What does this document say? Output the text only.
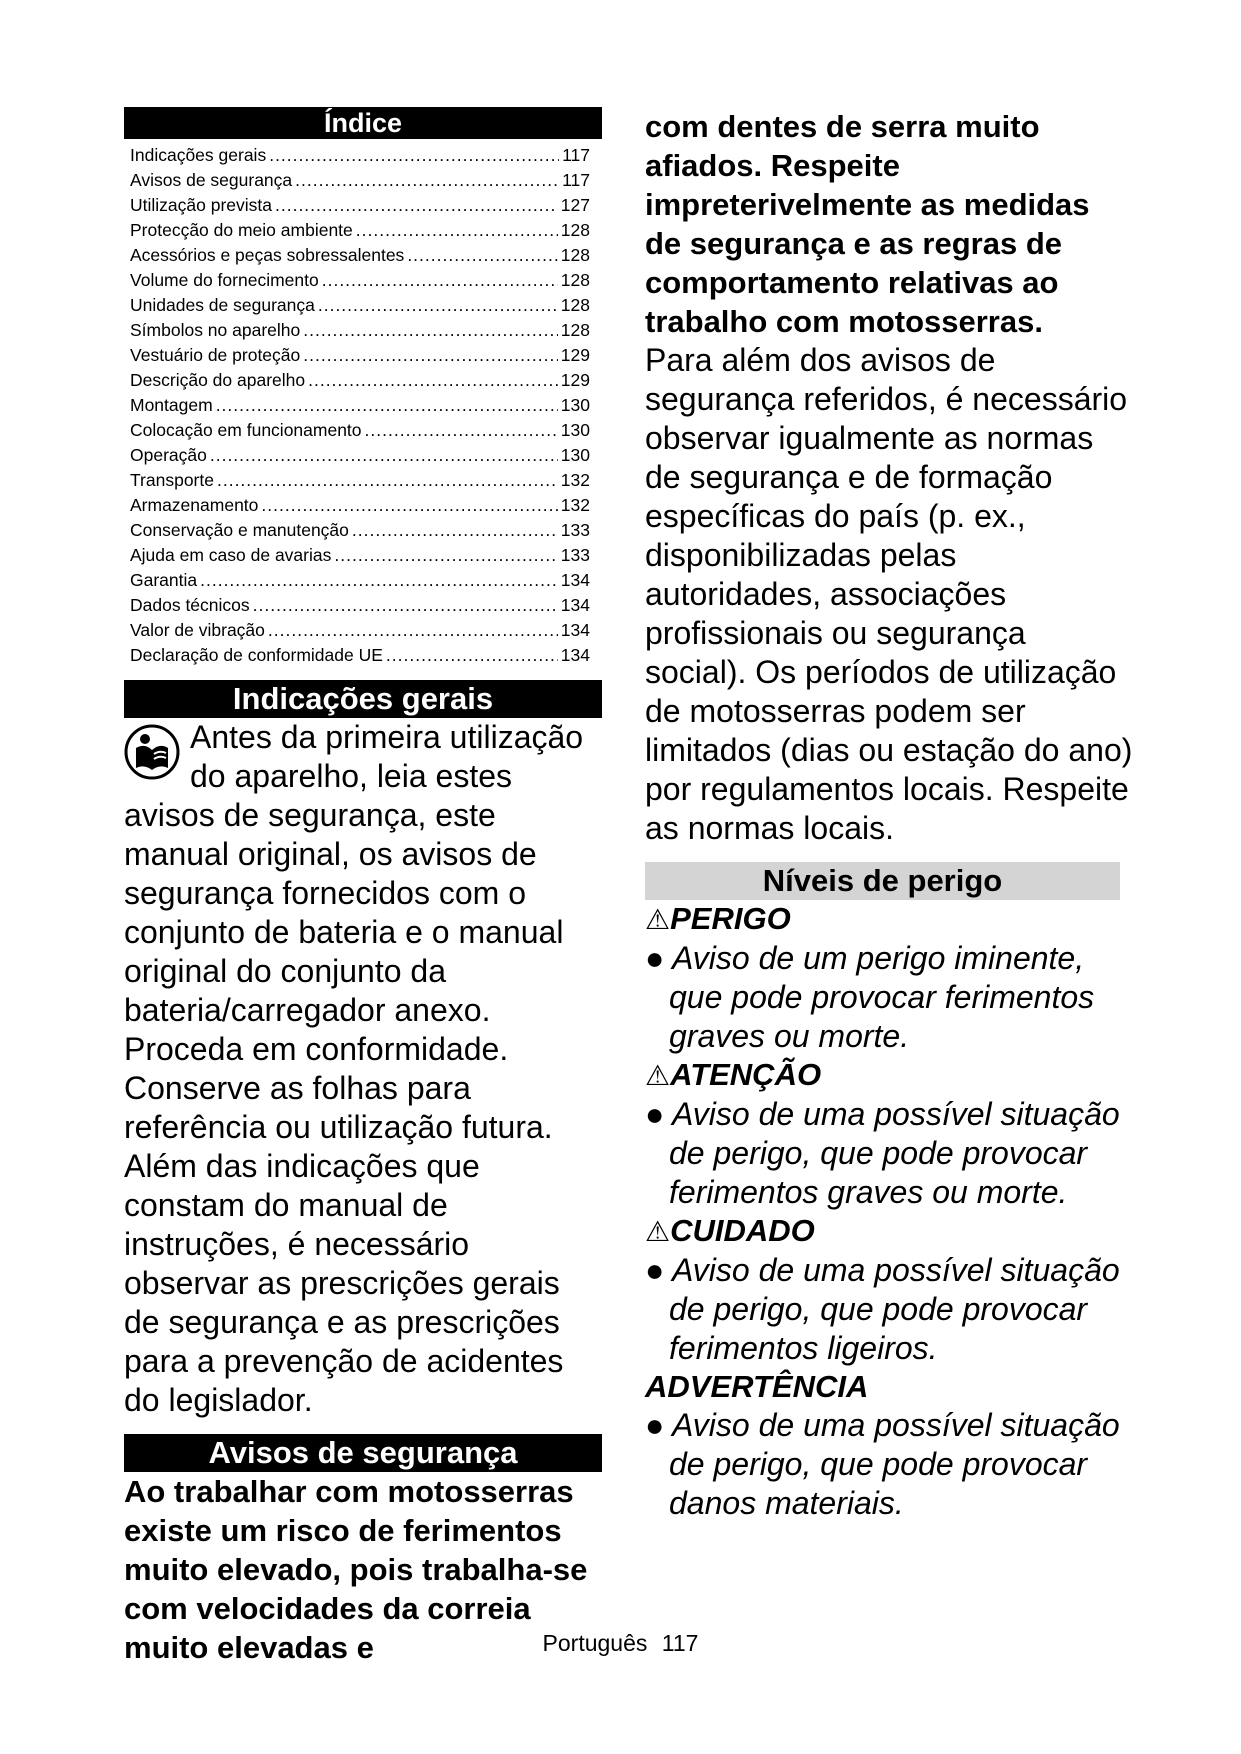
Índice
Indicações gerais .....	117
Avisos de segurança .....	117
Utilização prevista .....	127
Protecção do meio ambiente .....	128
Acessórios e peças sobressalentes .....	128
Volume do fornecimento .....	128
Unidades de segurança .....	128
Símbolos no aparelho .....	128
Vestuário de proteção .....	129
Descrição do aparelho .....	129
Montagem .....	130
Colocação em funcionamento .....	130
Operação .....	130
Transporte .....	132
Armazenamento .....	132
Conservação e manutenção .....	133
Ajuda em caso de avarias .....	133
Garantia .....	134
Dados técnicos .....	134
Valor de vibração .....	134
Declaração de conformidade UE .....	134
Indicações gerais
Antes da primeira utilização do aparelho, leia estes avisos de segurança, este manual original, os avisos de segurança fornecidos com o conjunto de bateria e o manual original do conjunto da bateria/carregador anexo. Proceda em conformidade. Conserve as folhas para referência ou utilização futura.
Além das indicações que constam do manual de instruções, é necessário observar as prescrições gerais de segurança e as prescrições para a prevenção de acidentes do legislador.
Avisos de segurança
Ao trabalhar com motosserras existe um risco de ferimentos muito elevado, pois trabalha-se com velocidades da correia muito elevadas e
com dentes de serra muito afiados. Respeite impreterivelmente as medidas de segurança e as regras de comportamento relativas ao trabalho com motosserras.
Para além dos avisos de segurança referidos, é necessário observar igualmente as normas de segurança e de formação específicas do país (p. ex., disponibilizadas pelas autoridades, associações profissionais ou segurança social). Os períodos de utilização de motosserras podem ser limitados (dias ou estação do ano) por regulamentos locais. Respeite as normas locais.
Níveis de perigo
⚠PERIGO
● Aviso de um perigo iminente, que pode provocar ferimentos graves ou morte.
⚠ATENÇÃO
● Aviso de uma possível situação de perigo, que pode provocar ferimentos graves ou morte.
⚠CUIDADO
● Aviso de uma possível situação de perigo, que pode provocar ferimentos ligeiros.
ADVERTÊNCIA
● Aviso de uma possível situação de perigo, que pode provocar danos materiais.
Português 117
